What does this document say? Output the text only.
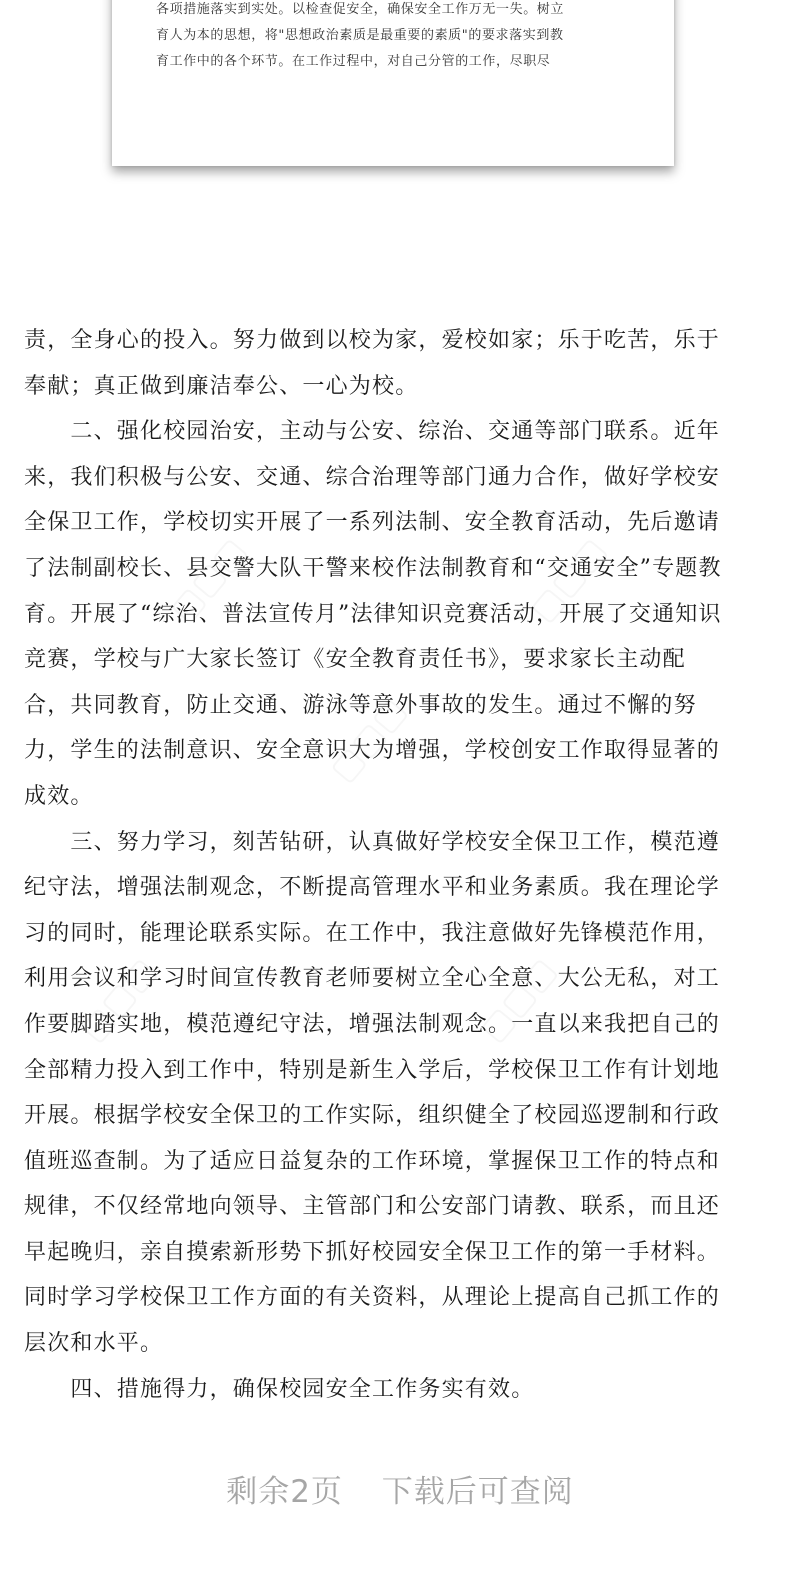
各项措施落实到实处。以检查促安全，确保安全工作万无一失。树立

育人为本的思想，将"思想政治素质是最重要的素质"的要求落实到教

育工作中的各个环节。在工作过程中，对自己分管的工作，尽职尽

▢▢▢	▢▢▢
▢▢▢
▢▢▢	▢▢▢

责，全身心的投入。努力做到以校为家，爱校如家；乐于吃苦，乐于

奉献；真正做到廉洁奉公、一心为校。

　　二、强化校园治安，主动与公安、综治、交通等部门联系。近年

来，我们积极与公安、交通、综合治理等部门通力合作，做好学校安

全保卫工作，学校切实开展了一系列法制、安全教育活动，先后邀请

了法制副校长、县交警大队干警来校作法制教育和“交通安全”专题教

育。开展了“综治、普法宣传月”法律知识竞赛活动，开展了交通知识

竞赛，学校与广大家长签订《安全教育责任书》，要求家长主动配

合，共同教育，防止交通、游泳等意外事故的发生。通过不懈的努

力，学生的法制意识、安全意识大为增强，学校创安工作取得显著的

成效。

　　三、努力学习，刻苦钻研，认真做好学校安全保卫工作，模范遵

纪守法，增强法制观念，不断提高管理水平和业务素质。我在理论学

习的同时，能理论联系实际。在工作中，我注意做好先锋模范作用，

利用会议和学习时间宣传教育老师要树立全心全意、大公无私，对工

作要脚踏实地，模范遵纪守法，增强法制观念。一直以来我把自己的

全部精力投入到工作中，特别是新生入学后，学校保卫工作有计划地

开展。根据学校安全保卫的工作实际，组织健全了校园巡逻制和行政

值班巡查制。为了适应日益复杂的工作环境，掌握保卫工作的特点和

规律，不仅经常地向领导、主管部门和公安部门请教、联系，而且还

早起晚归，亲自摸索新形势下抓好校园安全保卫工作的第一手材料。

同时学习学校保卫工作方面的有关资料，从理论上提高自己抓工作的

层次和水平。

　　四、措施得力，确保校园安全工作务实有效。

剩余2页 下载后可查阅
